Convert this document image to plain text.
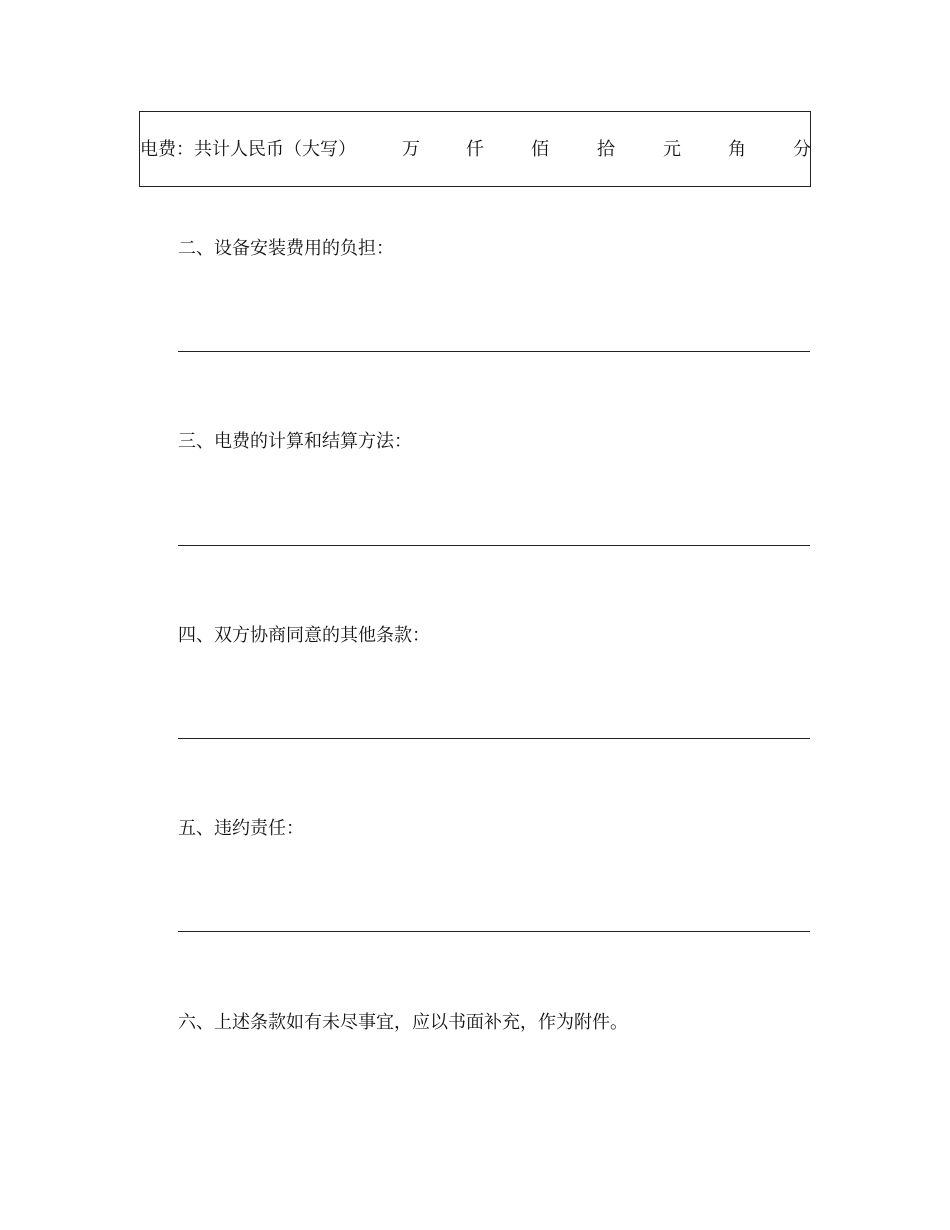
电费：共计人民币（大写）	万	仟	佰	拾	元	角	分
二、设备安装费用的负担：
三、电费的计算和结算方法：
四、双方协商同意的其他条款：
五、违约责任：
六、上述条款如有未尽事宜，应以书面补充，作为附件。
